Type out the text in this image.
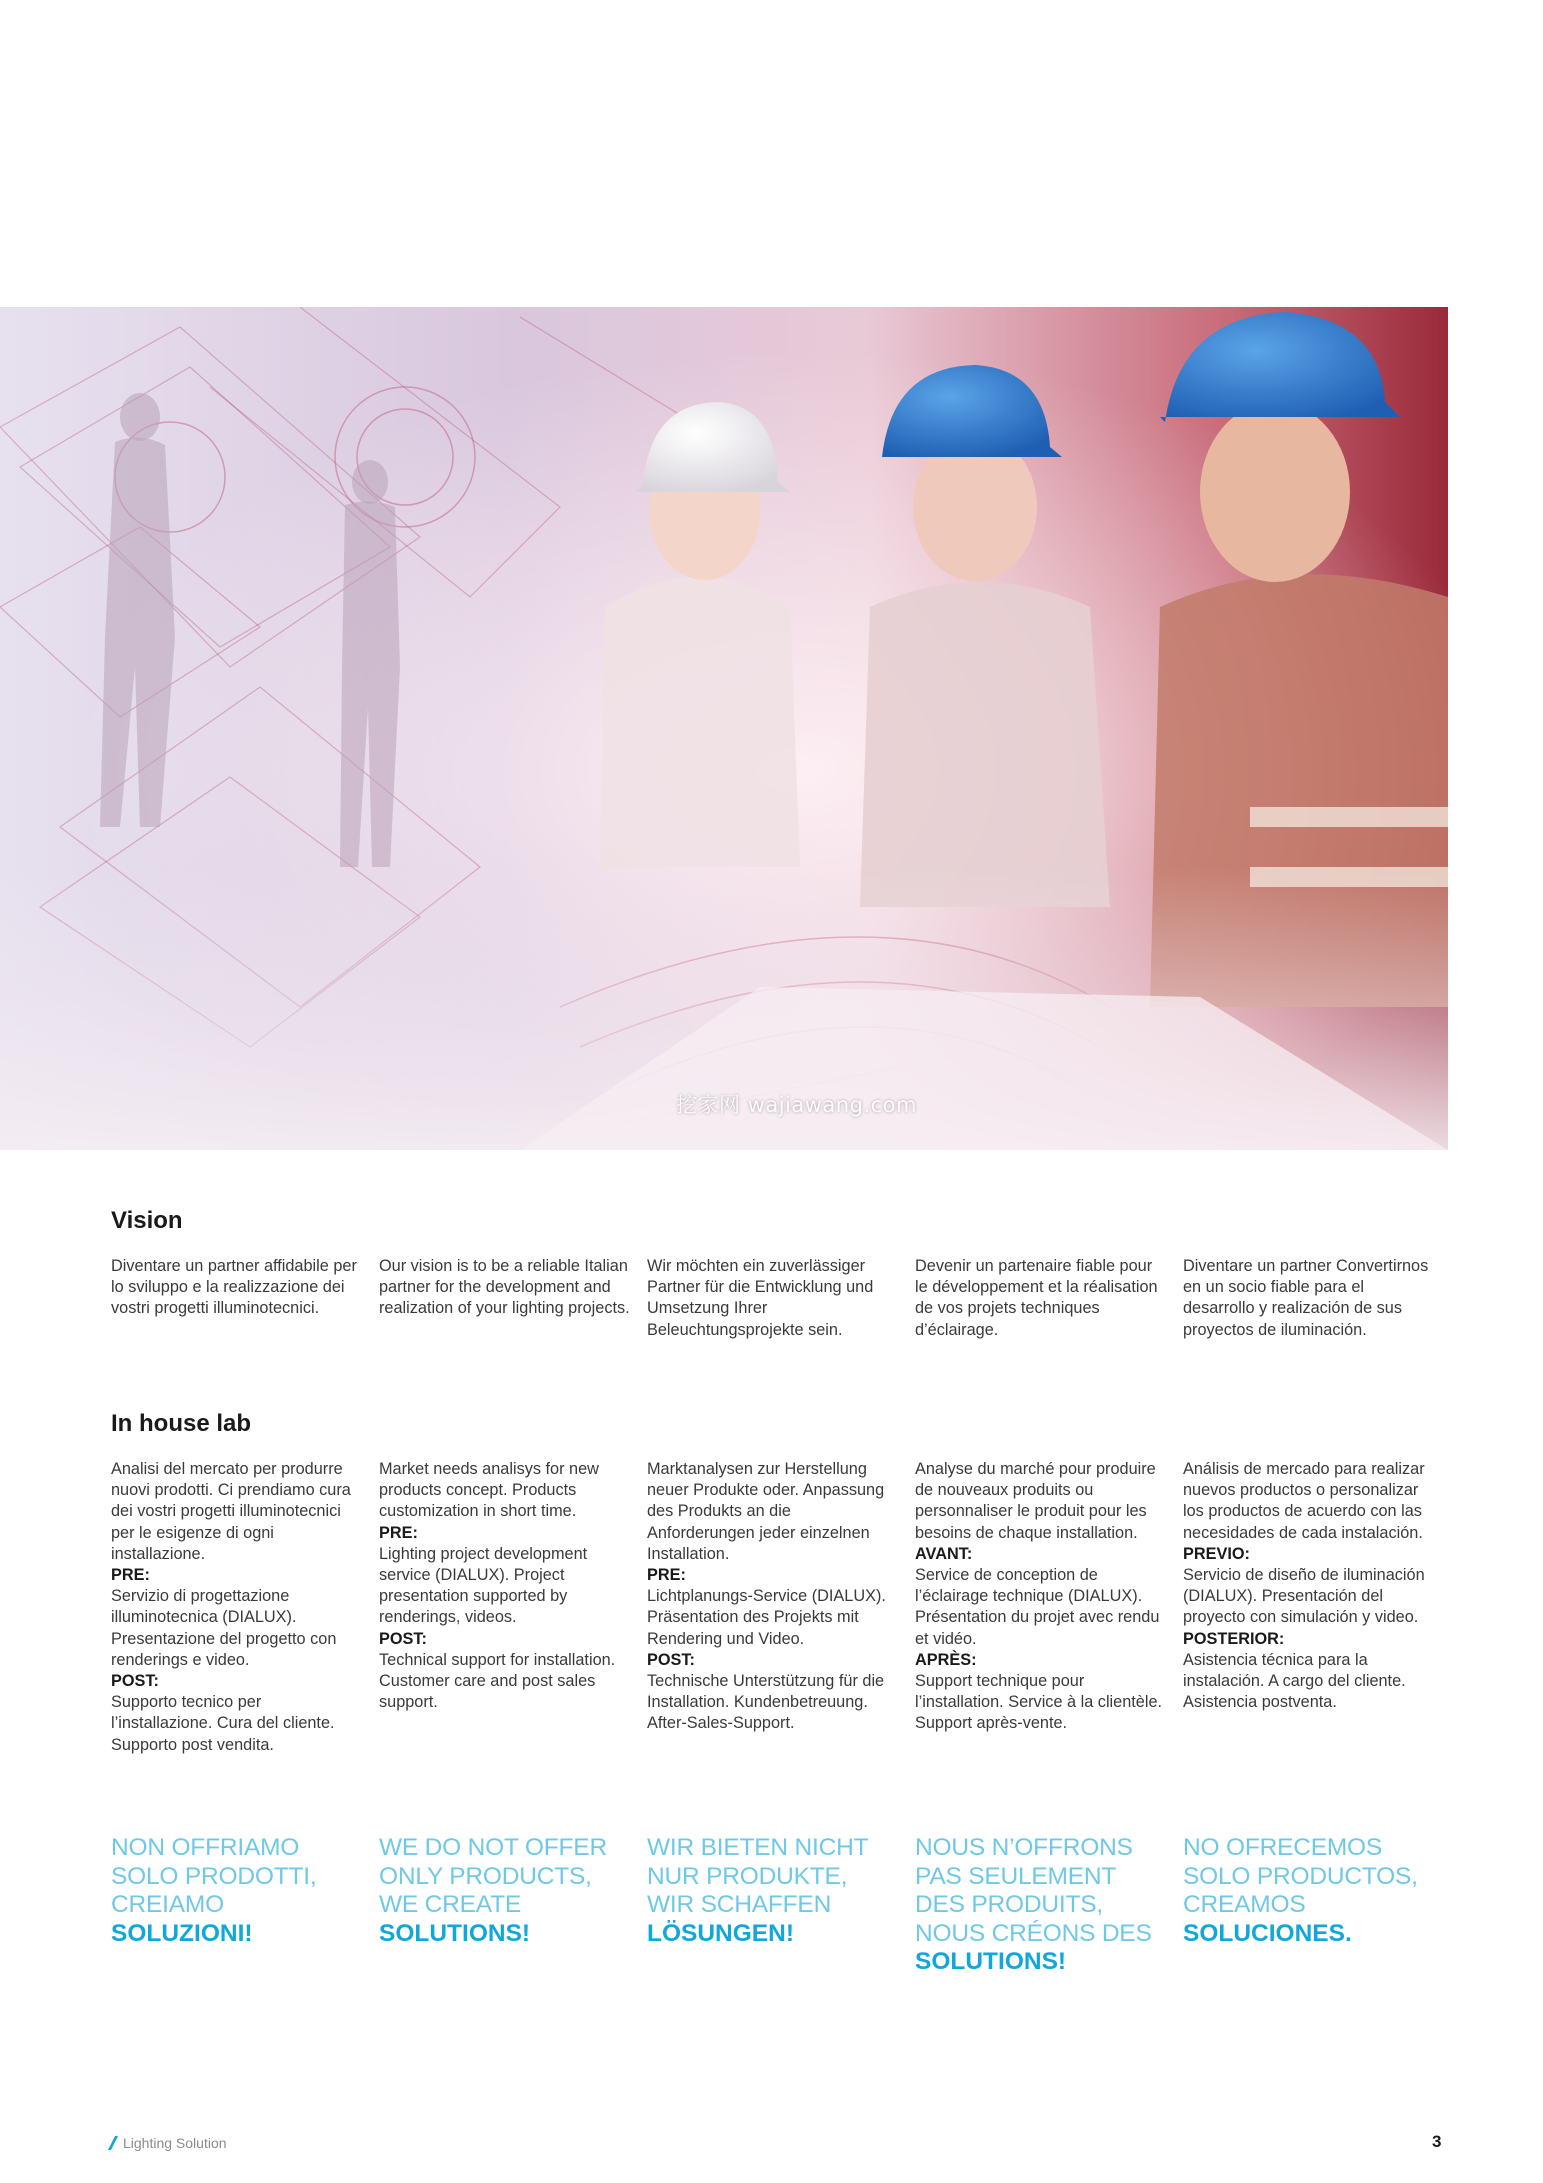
挖家网 wajiawang.com
Vision

Diventare un partner affidabile per lo sviluppo e la realizzazione dei vostri progetti illuminotecnici.

Our vision is to be a reliable Italian partner for the development and realization of your lighting projects.

Wir möchten ein zuverlässiger Partner für die Entwicklung und Umsetzung Ihrer Beleuchtungsprojekte sein.

Devenir un partenaire fiable pour le développement et la réalisation de vos projets techniques d’éclairage.

Diventare un partner Convertirnos en un socio fiable para el desarrollo y realización de sus proyectos de iluminación.

In house lab
Analisi del mercato per produrre nuovi prodotti. Ci prendiamo cura dei vostri progetti illuminotecnici per le esigenze di ogni installazione.
PRE:
Servizio di progettazione illuminotecnica (DIALUX). Presentazione del progetto con renderings e video.
POST:
Supporto tecnico per l’installazione. Cura del cliente. Supporto post vendita.
Market needs analisys for new products concept. Products customization in short time.
PRE:
Lighting project development service (DIALUX). Project presentation supported by renderings, videos.
POST:
Technical support for installation. Customer care and post sales support.
Marktanalysen zur Herstellung neuer Produkte oder. Anpassung des Produkts an die Anforderungen jeder einzelnen Installation.
PRE:
Lichtplanungs-Service (DIALUX). Präsentation des Projekts mit Rendering und Video.
POST:
Technische Unterstützung für die Installation. Kundenbetreuung. After-Sales-Support.
Analyse du marché pour produire de nouveaux produits ou personnaliser le produit pour les besoins de chaque installation.
AVANT:
Service de conception de l’éclairage technique (DIALUX). Présentation du projet avec rendu et vidéo.
APRÈS:
Support technique pour l’installation. Service à la clientèle. Support après-vente.
Análisis de mercado para realizar nuevos productos o personalizar los productos de acuerdo con las necesidades de cada instalación.
PREVIO:
Servicio de diseño de iluminación (DIALUX). Presentación del proyecto con simulación y video.
POSTERIOR:
Asistencia técnica para la instalación. A cargo del cliente. Asistencia postventa.

NON OFFRIAMO
SOLO PRODOTTI,
CREIAMO
SOLUZIONI!

WE DO NOT OFFER
ONLY PRODUCTS,
WE CREATE
SOLUTIONS!

WIR BIETEN NICHT
NUR PRODUKTE,
WIR SCHAFFEN
LÖSUNGEN!

NOUS N’OFFRONS
PAS SEULEMENT
DES PRODUITS,
NOUS CRÉONS DES
SOLUTIONS!

NO OFRECEMOS
SOLO PRODUCTOS,
CREAMOS
SOLUCIONES.

Lighting Solution	3
